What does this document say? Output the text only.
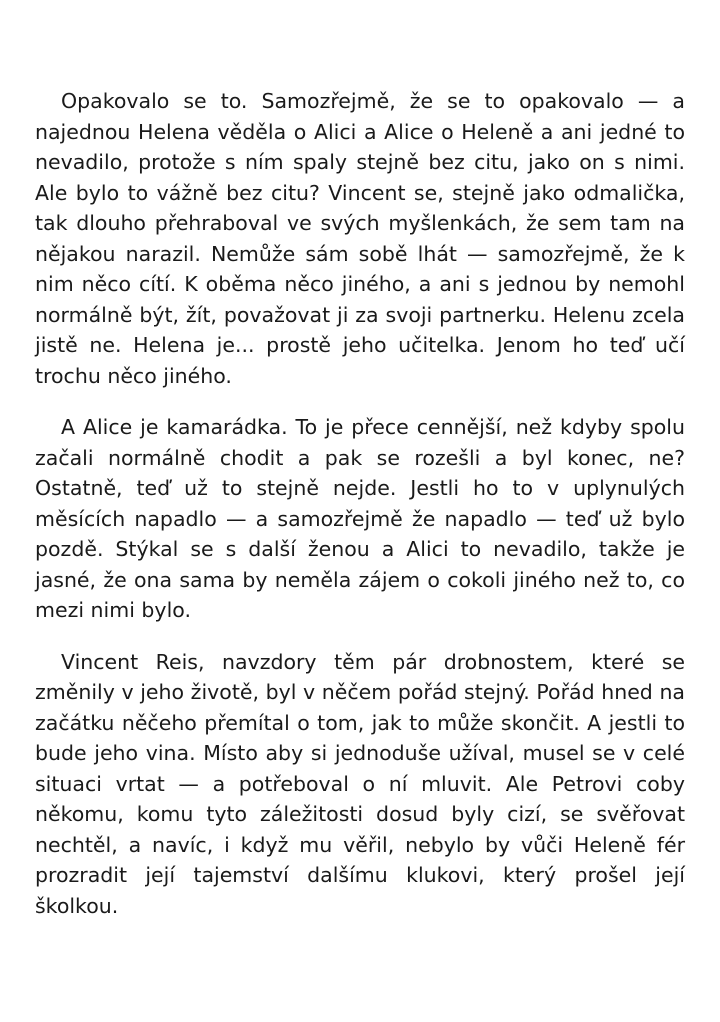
Opakovalo se to. Samozřejmě, že se to opakovalo — a najednou Helena věděla o Alici a Alice o Heleně a ani jedné to nevadilo, protože s ním spaly stejně bez citu, jako on s nimi. Ale bylo to vážně bez citu? Vincent se, stejně jako odmalička, tak dlouho přehraboval ve svých myšlenkách, že sem tam na nějakou narazil. Nemůže sám sobě lhát — samozřejmě, že k nim něco cítí. K oběma něco jiného, a ani s jednou by nemohl normálně být, žít, považovat ji za svoji partnerku. Helenu zcela jistě ne. Helena je... prostě jeho učitelka. Jenom ho teď učí trochu něco jiného.

A Alice je kamarádka. To je přece cennější, než kdyby spolu začali normálně chodit a pak se rozešli a byl konec, ne? Ostatně, teď už to stejně nejde. Jestli ho to v uplynulých měsících napadlo — a samozřejmě že napadlo — teď už bylo pozdě. Stýkal se s další ženou a Alici to nevadilo, takže je jasné, že ona sama by neměla zájem o cokoli jiného než to, co mezi nimi bylo.

Vincent Reis, navzdory těm pár drobnostem, které se změnily v jeho životě, byl v něčem pořád stejný. Pořád hned na začátku něčeho přemítal o tom, jak to může skončit. A jestli to bude jeho vina. Místo aby si jednoduše užíval, musel se v celé situaci vrtat — a potřeboval o ní mluvit. Ale Petrovi coby někomu, komu tyto záležitosti dosud byly cizí, se svěřovat nechtěl, a navíc, i když mu věřil, nebylo by vůči Heleně fér prozradit její tajemství dalšímu klukovi, který prošel její školkou.
